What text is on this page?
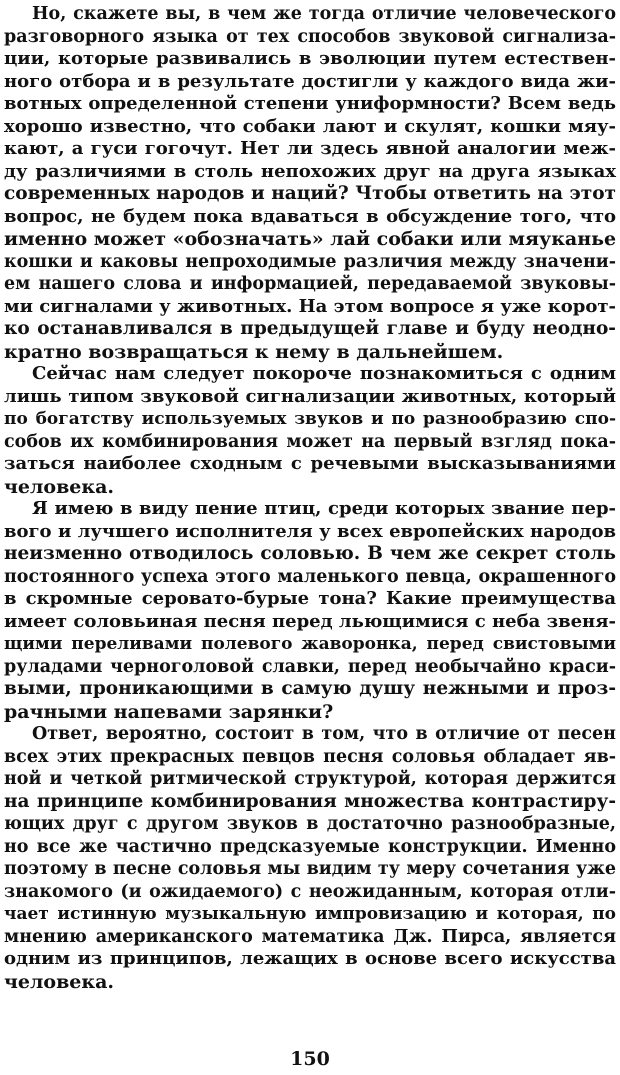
Но, скажете вы, в чем же тогда отличие человеческого
разговорного языка от тех способов звуковой сигнализа-
ции, которые развивались в эволюции путем естествен-
ного отбора и в результате достигли у каждого вида жи-
вотных определенной степени униформности? Всем ведь
хорошо известно, что собаки лают и скулят, кошки мяу-
кают, а гуси гогочут. Нет ли здесь явной аналогии меж-
ду различиями в столь непохожих друг на друга языках
современных народов и наций? Чтобы ответить на этот
вопрос, не будем пока вдаваться в обсуждение того, что
именно может «обозначать» лай собаки или мяуканье
кошки и каковы непроходимые различия между значени-
ем нашего слова и информацией, передаваемой звуковы-
ми сигналами у животных. На этом вопросе я уже корот-
ко останавливался в предыдущей главе и буду неодно-
кратно возвращаться к нему в дальнейшем.
Сейчас нам следует покороче познакомиться с одним
лишь типом звуковой сигнализации животных, который
по богатству используемых звуков и по разнообразию спо-
собов их комбинирования может на первый взгляд пока-
заться наиболее сходным с речевыми высказываниями
человека.
Я имею в виду пение птиц, среди которых звание пер-
вого и лучшего исполнителя у всех европейских народов
неизменно отводилось соловью. В чем же секрет столь
постоянного успеха этого маленького певца, окрашенного
в скромные серовато-бурые тона? Какие преимущества
имеет соловьиная песня перед льющимися с неба звеня-
щими переливами полевого жаворонка, перед свистовыми
руладами черноголовой славки, перед необычайно краси-
выми, проникающими в самую душу нежными и проз-
рачными напевами зарянки?
Ответ, вероятно, состоит в том, что в отличие от песен
всех этих прекрасных певцов песня соловья обладает яв-
ной и четкой ритмической структурой, которая держится
на принципе комбинирования множества контрастиру-
ющих друг с другом звуков в достаточно разнообразные,
но все же частично предсказуемые конструкции. Именно
поэтому в песне соловья мы видим ту меру сочетания уже
знакомого (и ожидаемого) с неожиданным, которая отли-
чает истинную музыкальную импровизацию и которая, по
мнению американского математика Дж. Пирса, является
одним из принципов, лежащих в основе всего искусства
человека.
150
